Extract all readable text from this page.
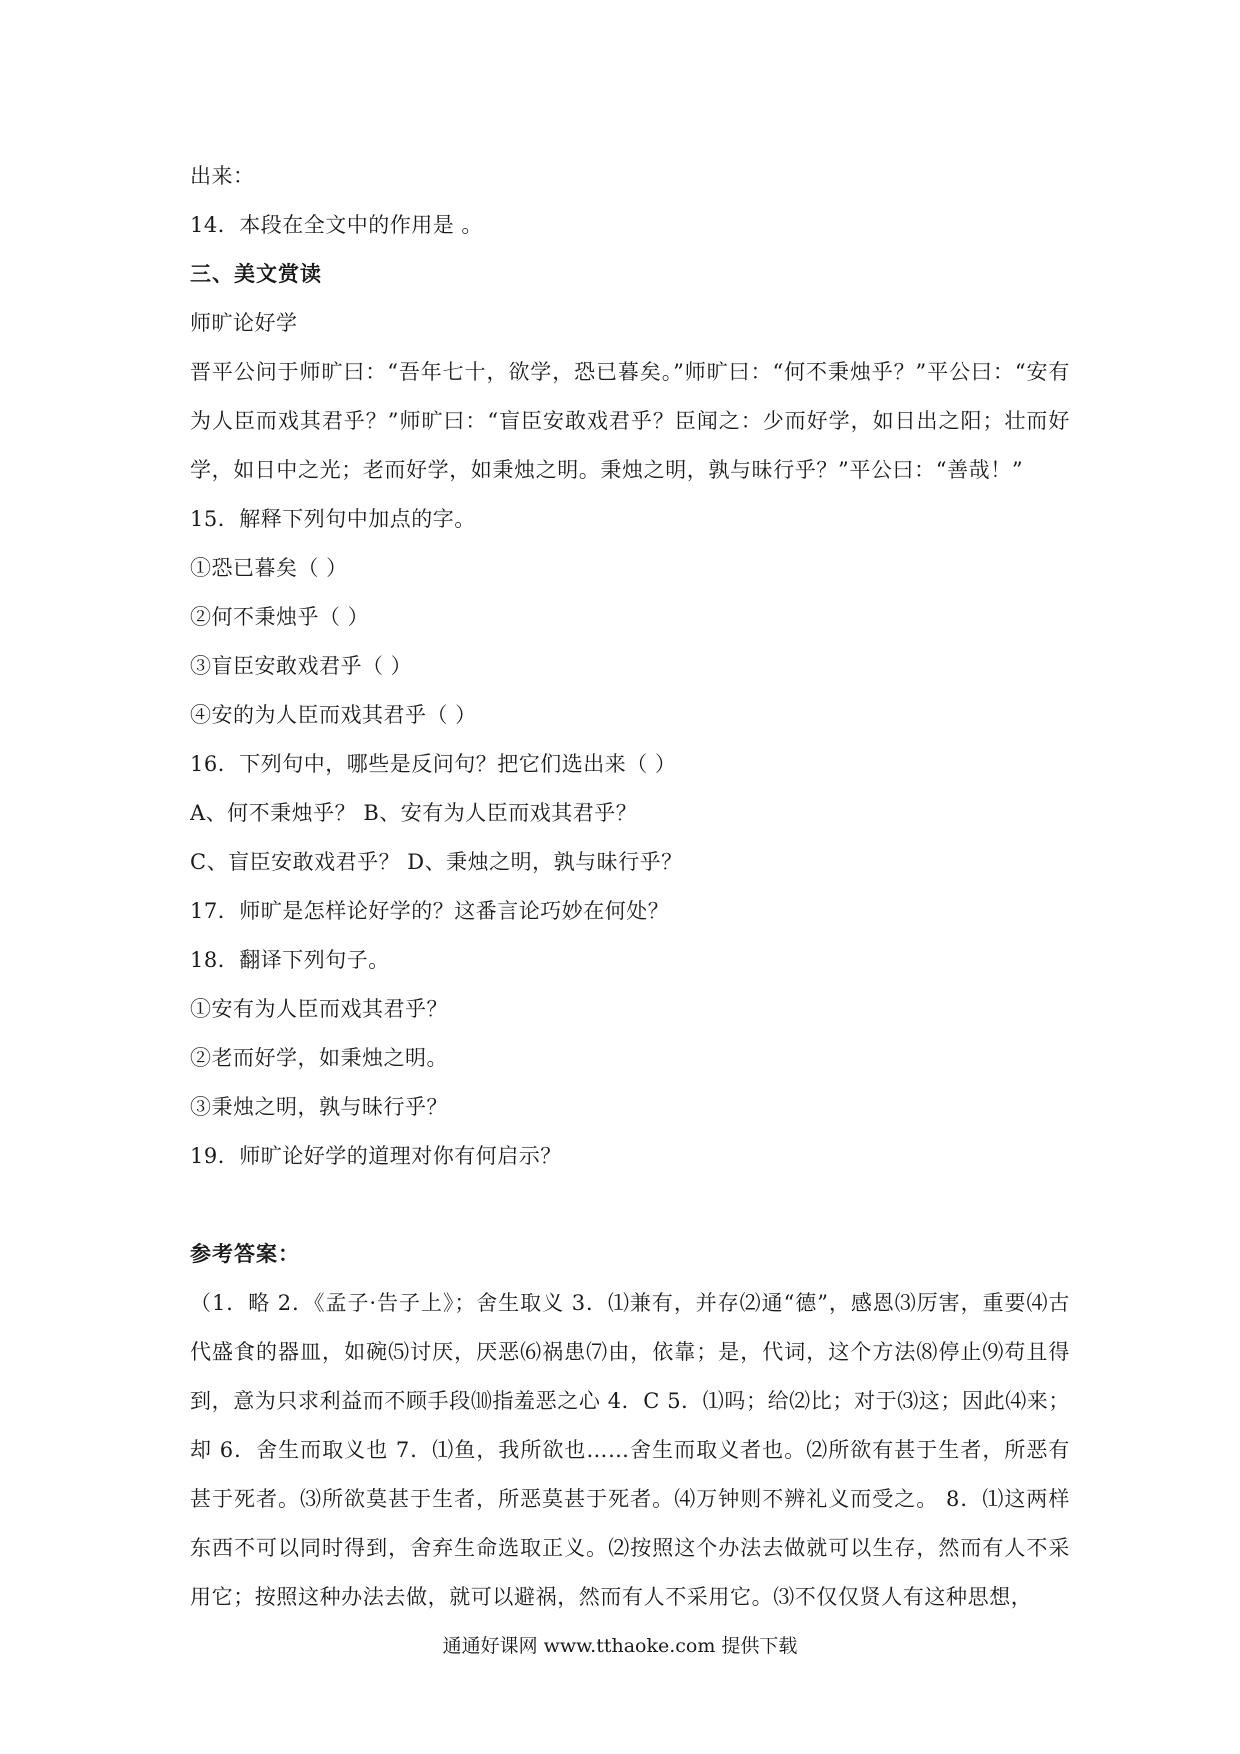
出来：
14．本段在全文中的作用是 。
三、美文赏读
师旷论好学
晋平公问于师旷曰：“吾年七十，欲学，恐已暮矣。”师旷曰：“何不秉烛乎？”平公曰：“安有为人臣而戏其君乎？”师旷曰：“盲臣安敢戏君乎？臣闻之：少而好学，如日出之阳；壮而好学，如日中之光；老而好学，如秉烛之明。秉烛之明，孰与昧行乎？”平公曰：“善哉！”
15．解释下列句中加点的字。
①恐已暮矣（ ）
②何不秉烛乎（ ）
③盲臣安敢戏君乎（ ）
④安的为人臣而戏其君乎（ ）
16．下列句中，哪些是反问句？把它们选出来（ ）
A、何不秉烛乎？ B、安有为人臣而戏其君乎？
C、盲臣安敢戏君乎？ D、秉烛之明，孰与昧行乎？
17．师旷是怎样论好学的？这番言论巧妙在何处？
18．翻译下列句子。
①安有为人臣而戏其君乎？
②老而好学，如秉烛之明。
③秉烛之明，孰与昧行乎？
19．师旷论好学的道理对你有何启示？
参考答案：
（1．略 2．《孟子·告子上》；舍生取义 3．⑴兼有，并存⑵通“德”，感恩⑶厉害，重要⑷古代盛食的器皿，如碗⑸讨厌，厌恶⑹祸患⑺由，依靠；是，代词，这个方法⑻停止⑼苟且得到，意为只求利益而不顾手段⑽指羞恶之心 4．C 5．⑴吗；给⑵比；对于⑶这；因此⑷来；却 6．舍生而取义也 7．⑴鱼，我所欲也……舍生而取义者也。⑵所欲有甚于生者，所恶有甚于死者。⑶所欲莫甚于生者，所恶莫甚于死者。⑷万钟则不辨礼义而受之。 8．⑴这两样东西不可以同时得到，舍弃生命选取正义。⑵按照这个办法去做就可以生存，然而有人不采用它；按照这种办法去做，就可以避祸，然而有人不采用它。⑶不仅仅贤人有这种思想，
通通好课网 www.tthaoke.com 提供下载
